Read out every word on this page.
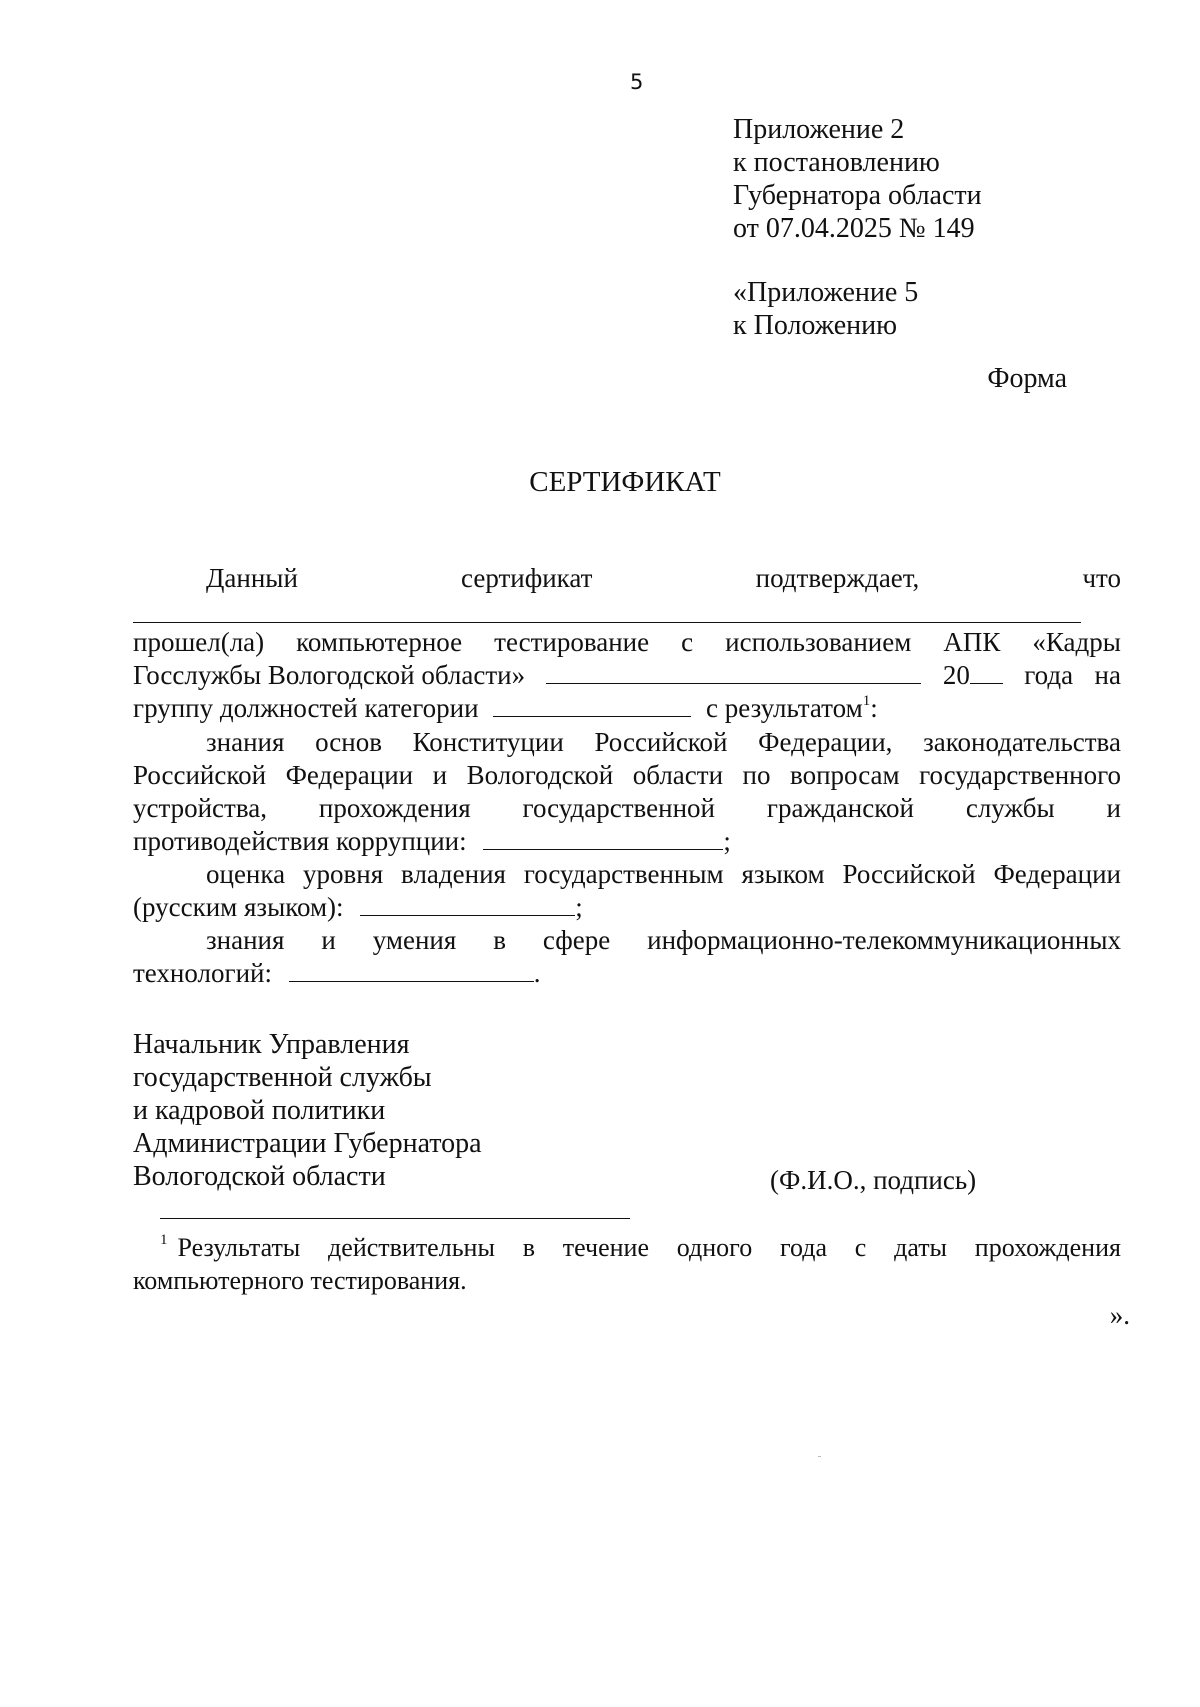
5
Приложение 2
к постановлению
Губернатора области
от 07.04.2025 № 149
«Приложение 5
к Положению
Форма
СЕРТИФИКАТ
Данный	сертификат	подтверждает,	что
прошел(ла) компьютерное тестирование с использованием АПК «Кадры
Госслужбы Вологодской области»	20	года на
группу должностей категории	с результатом$^1$:
знания основ Конституции Российской Федерации, законодательства
Российской Федерации и Вологодской области по вопросам государственного
устройства, прохождения государственной гражданской службы и
противодействия коррупции:	;
оценка уровня владения государственным языком Российской Федерации
(русским языком):	;
знания и умения в сфере информационно-телекоммуникационных
технологий:	.
Начальник Управления
государственной службы
и кадровой политики
Администрации Губернатора
Вологодской области	(Ф.И.О., подпись)
$^1$ Результаты действительны в течение одного года с даты прохождения
компьютерного тестирования.
».
